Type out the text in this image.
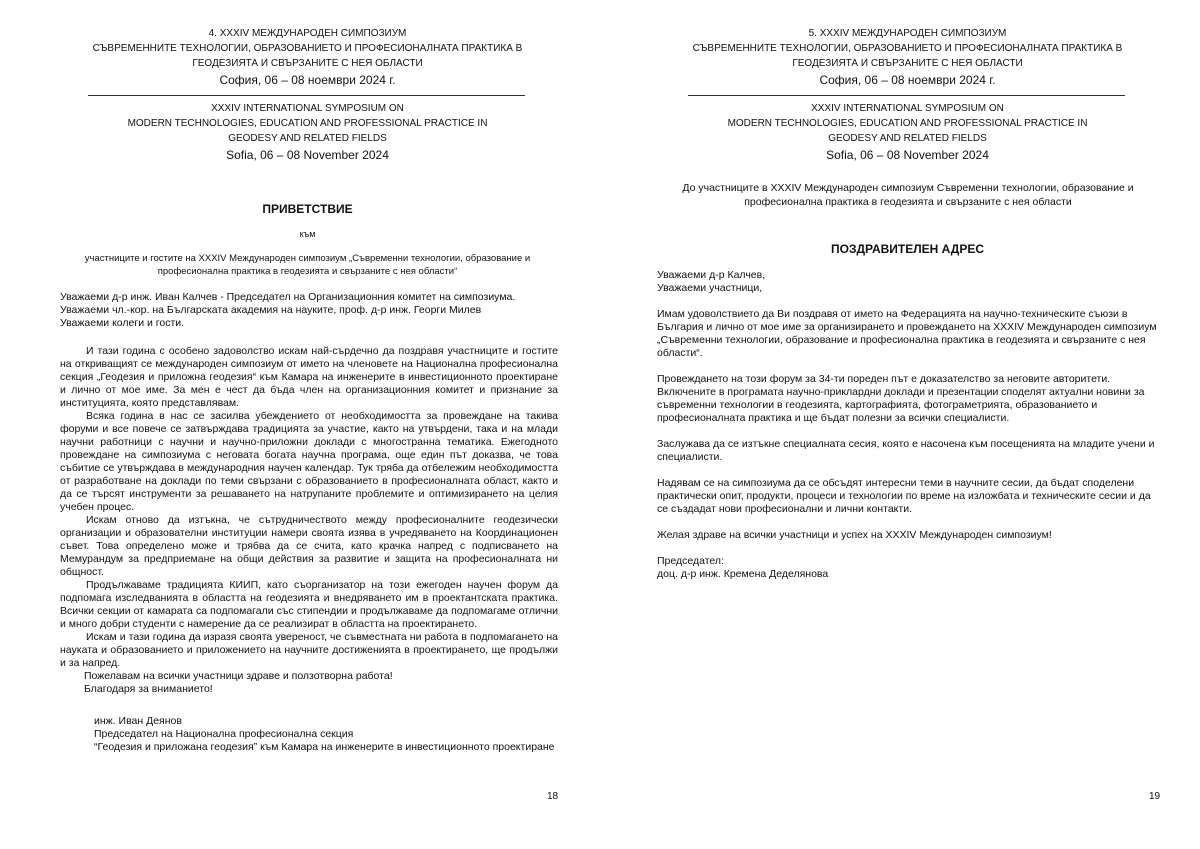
4. XXXIV МЕЖДУНАРОДЕН СИМПОЗИУМ
СЪВРЕМЕННИТЕ ТЕХНОЛОГИИ, ОБРАЗОВАНИЕТО И ПРОФЕСИОНАЛНАТА ПРАКТИКА В
ГЕОДЕЗИЯТА И СВЪРЗАНИТЕ С НЕЯ ОБЛАСТИ
София, 06 – 08 ноември 2024 г.
XXXIV INTERNATIONAL SYMPOSIUM ON
MODERN TECHNOLOGIES, EDUCATION AND PROFESSIONAL PRACTICE IN
GEODESY AND RELATED FIELDS
Sofia, 06 – 08 November 2024
ПРИВЕТСТВИЕ
към
участниците и гостите на XXXIV Международен симпозиум „Съвременни технологии, образование и
професионална практика в геодезията и свързаните с нея области“

Уважаеми д-р инж. Иван Калчев - Председател на Организационния комитет на симпозиума.

Уважаеми чл.-кор. на Българската академия на науките, проф. д-р инж. Георги Милев

Уважаеми колеги и гости.

И тази година с особено задоволство искам най-сърдечно да поздравя участниците и гостите на откриващият се международен симпозиум от името на членовете на Национална професионална секция „Геодезия и приложна геодезия“ към Камара на инженерите в инвестиционното проектиране и лично от мое име. За мен е чест да бъда член на организационния комитет и признание за институцията, която представлявам.

Всяка година в нас се засилва убеждението от необходимостта за провеждане на такива форуми и все повече се затвърждава традицията за участие, както на утвърдени, така и на млади научни работници с научни и научно-приложни доклади с многостранна тематика. Ежегодното провеждане на симпозиума с неговата богата научна програма, още един път доказва, че това събитие се утвърждава в международния научен календар. Тук тряба да отбележим необходимостта от разработване на доклади по теми свързани с образованието в професионалната област, както и да се търсят инструменти за решаването на натрупаните проблемите и оптимизирането на целия учебен процес.

Искам отново да изтъкна, че сътрудничеството между професионалните геодезически организации и образователни институции намери своята изява в учредяването на Координационен съвет. Това определено може и трябва да се счита, като крачка напред с подписването на Мемурандум за предприемане на общи действия за развитие и защита на професионалната ни общност.

Продължаваме традицията КИИП, като съорганизатор на този ежегоден научен форум да подпомага изследванията в областта на геодезията и внедряването им в проектантската практика. Всички секции от камарата са подпомагали със стипендии и продължаваме да подпомагаме отлични и много добри студенти с намерение да се реализират в областта на проектирането.

Искам и тази година да изразя своята увереност, че съвместната ни работа в подпомагането на науката и образованието и приложението на научните достиженията в проектирането, ще продължи и за напред.

Пожелавам на всички участници здраве и ползотворна работа!

Благодаря за вниманието!

инж. Иван Деянов

Председател на Национална професионална секция

“Геодезия и приложана геодезия” към Камара на инженерите в инвестиционното проектиране

18
5. XXXIV МЕЖДУНАРОДЕН СИМПОЗИУМ
СЪВРЕМЕННИТЕ ТЕХНОЛОГИИ, ОБРАЗОВАНИЕТО И ПРОФЕСИОНАЛНАТА ПРАКТИКА В
ГЕОДЕЗИЯТА И СВЪРЗАНИТЕ С НЕЯ ОБЛАСТИ
София, 06 – 08 ноември 2024 г.
XXXIV INTERNATIONAL SYMPOSIUM ON
MODERN TECHNOLOGIES, EDUCATION AND PROFESSIONAL PRACTICE IN
GEODESY AND RELATED FIELDS
Sofia, 06 – 08 November 2024
До участниците в XXXIV Международен симпозиум Съвременни технологии, образование и
професионална практика в геодезията и свързаните с нея области
ПОЗДРАВИТЕЛЕН АДРЕС

Уважаеми д-р Калчев,

Уважаеми участници,

Имам удоволствието да Ви поздравя от името на Федерацията на научно-техническите съюзи в България и лично от мое име за организирането и провеждането на XXXIV Международен симпозиум „Съвременни технологии, образование и професионална практика в геодезията и свързаните с нея области“.

Провеждането на този форум за 34-ти пореден път е доказателство за неговите авторитети. Включените в програмата научно-приклардни доклади и презентации споделят актуални новини за съвременни технологии в геодезията, картографията, фотограметрията, образованието и професионалната практика и ще бъдат полезни за всички специалисти.

Заслужава да се изтъкне специалната сесия, която е насочена към посещенията на младите учени и специалисти.

Надявам се на симпозиума да се обсъдят интересни теми в научните сесии, да бъдат споделени практически опит, продукти, процеси и технологии по време на изложбата и техническите сесии и да се създадат нови професионални и лични контакти.

Желая здраве на всички участници и успех на XXXIV Международен симпозиум!

Председател:

доц. д-р инж. Кремена Деделянова

19
